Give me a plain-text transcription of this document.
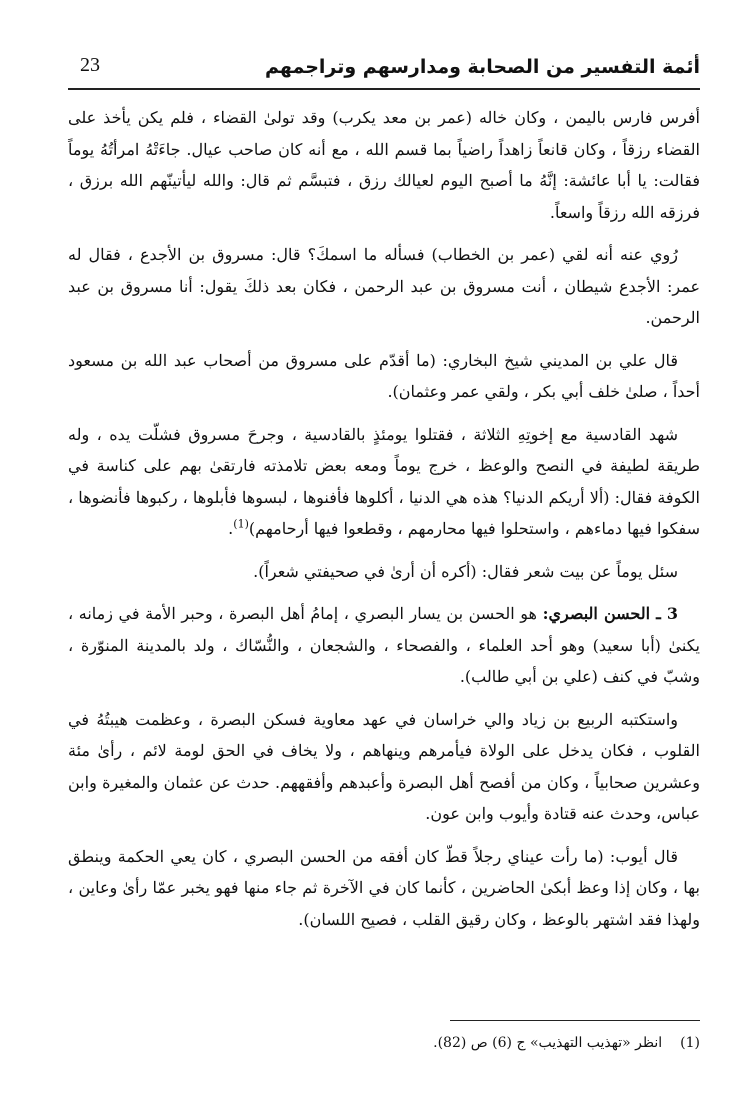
أئمة التفسير من الصحابة ومدارسهم وتراجمهم
23

أفرس فارس باليمن ، وكان خاله (عمر بن معد يكرب) وقد تولىٰ القضاء ، فلم يكن يأخذ على القضاء رزقاً ، وكان قانعاً زاهداً راضياً بما قسم الله ، مع أنه كان صاحب عيال. جاءَتْهُ امرأتُهُ يوماً فقالت: يا أبا عائشة: إنَّهُ ما أصبح اليوم لعيالك رزق ، فتبسَّم ثم قال: والله ليأتينّهم الله برزق ، فرزقه الله رزقاً واسعاً.

رُوي عنه أنه لقي (عمر بن الخطاب) فسأله ما اسمكَ؟ قال: مسروق بن الأجدع ، فقال له عمر: الأجدع شيطان ، أنت مسروق بن عبد الرحمن ، فكان بعد ذلكَ يقول: أنا مسروق بن عبد الرحمن.

قال علي بن المديني شيخ البخاري: (ما أقدّم على مسروق من أصحاب عبد الله بن مسعود أحداً ، صلىٰ خلف أبي بكر ، ولقي عمر وعثمان).

شهد القادسية مع إخوتِهِ الثلاثة ، فقتلوا يومئذٍ بالقادسية ، وجرحَ مسروق فشلّت يده ، وله طريقة لطيفة في النصح والوعظ ، خرج يوماً ومعه بعض تلامذته فارتقىٰ بهم على كناسة في الكوفة فقال: (ألا أريكم الدنيا؟ هذه هي الدنيا ، أكلوها فأفنوها ، لبسوها فأبلوها ، ركبوها فأنضوها ، سفكوا فيها دماءهم ، واستحلوا فيها محارمهم ، وقطعوا فيها أرحامهم)$^{(1)}$.

سئل يوماً عن بيت شعر فقال: (أكره أن أرىٰ في صحيفتي شعراً).

3 ـ الحسن البصري: هو الحسن بن يسار البصري ، إمامُ أهل البصرة ، وحبر الأمة في زمانه ، يكنىٰ (أبا سعيد) وهو أحد العلماء ، والفصحاء ، والشجعان ، والنُّسّاك ، ولد بالمدينة المنوّرة ، وشبّ في كنف (علي بن أبي طالب).

واستكتبه الربيع بن زياد والي خراسان في عهد معاوية فسكن البصرة ، وعظمت هيبتُهُ في القلوب ، فكان يدخل على الولاة فيأمرهم وينهاهم ، ولا يخاف في الحق لومة لائم ، رأىٰ مئة وعشرين صحابياً ، وكان من أفصح أهل البصرة وأعبدهم وأفقههم. حدث عن عثمان والمغيرة وابن عباس، وحدث عنه قتادة وأيوب وابن عون.

قال أيوب: (ما رأت عيناي رجلاً قطّ كان أفقه من الحسن البصري ، كان يعي الحكمة وينطق بها ، وكان إذا وعظ أبكىٰ الحاضرين ، كأنما كان في الآخرة ثم جاء منها فهو يخبر عمّا رأىٰ وعاين ، ولهذا فقد اشتهر بالوعظ ، وكان رقيق القلب ، فصيح اللسان).

(1)انظر «تهذيب التهذيب» ج (6) ص (82).
